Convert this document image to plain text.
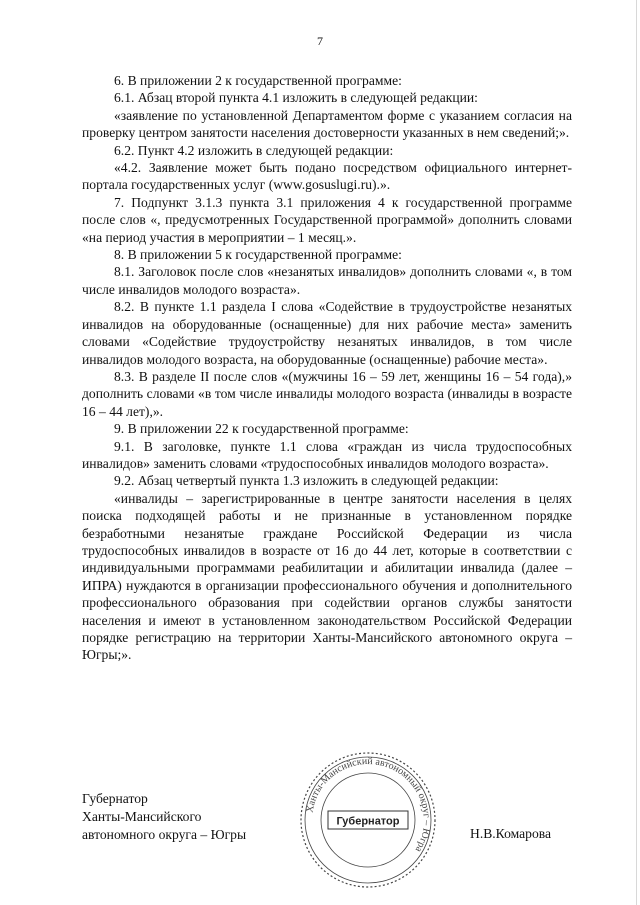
7

6. В приложении 2 к государственной программе:

6.1. Абзац второй пункта 4.1 изложить в следующей редакции:

«заявление по установленной Департаментом форме с указанием согласия на проверку центром занятости населения достоверности указанных в нем сведений;».

6.2. Пункт 4.2 изложить в следующей редакции:

«4.2. Заявление может быть подано посредством официального интернет-портала государственных услуг (www.gosuslugi.ru).».

7. Подпункт 3.1.3 пункта 3.1 приложения 4 к государственной программе после слов «, предусмотренных Государственной программой» дополнить словами «на период участия в мероприятии – 1 месяц.».

8. В приложении 5 к государственной программе:

8.1. Заголовок после слов «незанятых инвалидов» дополнить словами «, в том числе инвалидов молодого возраста».

8.2. В пункте 1.1 раздела I слова «Содействие в трудоустройстве незанятых инвалидов на оборудованные (оснащенные) для них рабочие места» заменить словами «Содействие трудоустройству незанятых инвалидов, в том числе инвалидов молодого возраста, на оборудованные (оснащенные) рабочие места».

8.3. В разделе II после слов «(мужчины 16 – 59 лет, женщины 16 – 54 года),» дополнить словами «в том числе инвалиды молодого возраста (инвалиды в возрасте 16 – 44 лет),».

9. В приложении 22 к государственной программе:

9.1. В заголовке, пункте 1.1 слова «граждан из числа трудоспособных инвалидов» заменить словами «трудоспособных инвалидов молодого возраста».

9.2. Абзац четвертый пункта 1.3 изложить в следующей редакции:

«инвалиды – зарегистрированные в центре занятости населения в целях поиска подходящей работы и не признанные в установленном порядке безработными незанятые граждане Российской Федерации из числа трудоспособных инвалидов в возрасте от 16 до 44 лет, которые в соответствии с индивидуальными программами реабилитации и абилитации инвалида (далее – ИПРА) нуждаются в организации профессионального обучения и дополнительного профессионального образования при содействии органов службы занятости населения и имеют в установленном законодательством Российской Федерации порядке регистрацию на территории Ханты-Мансийского автономного округа – Югры;».

Губернатор
Ханты-Мансийского
автономного округа – Югры
Ханты-Мансийский автономный округ – Югра
Губернатор
Н.В.Комарова
